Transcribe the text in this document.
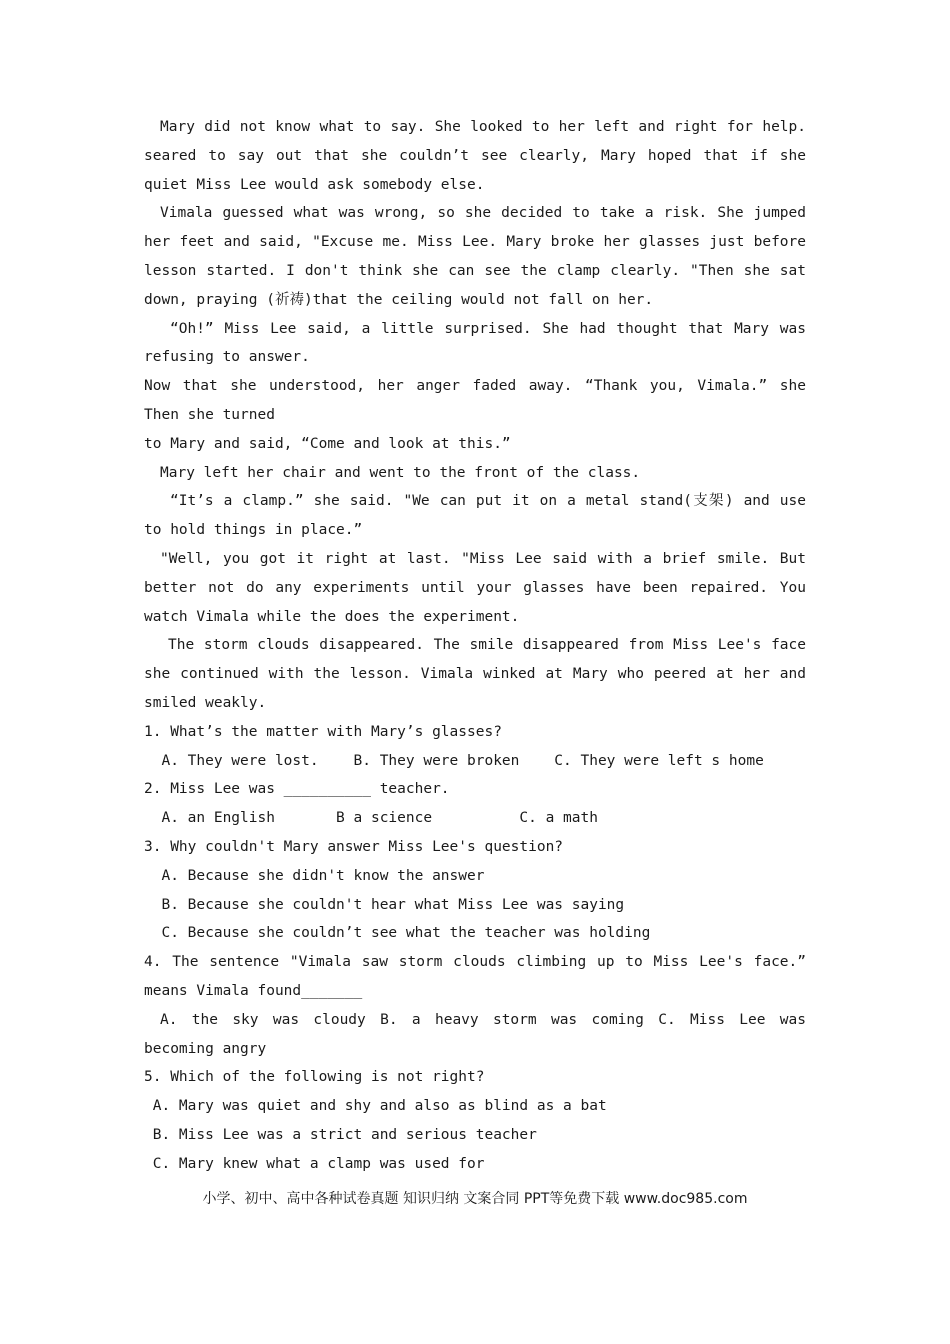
Mary did not know what to say. She looked to her left and right for help.
seared to say out that she couldn’t see clearly, Mary hoped that if she
quiet Miss Lee would ask somebody else.
Vimala guessed what was wrong, so she decided to take a risk. She jumped
her feet and said, "Excuse me. Miss Lee. Mary broke her glasses just before
lesson started. I don't think she can see the clamp clearly. "Then she sat
down, praying (祈祷)that the ceiling would not fall on her.
“Oh!” Miss Lee said, a little surprised. She had thought that Mary was
refusing to answer.
Now that she understood, her anger faded away. “Thank you, Vimala.” she
Then she turned
to Mary and said, “Come and look at this.”
Mary left her chair and went to the front of the class.
“It’s a clamp.” she said. "We can put it on a metal stand(支架) and use
to hold things in place.”
"Well, you got it right at last. "Miss Lee said with a brief smile. But
better not do any experiments until your glasses have been repaired. You
watch Vimala while the does the experiment.
The storm clouds disappeared. The smile disappeared from Miss Lee's face
she continued with the lesson. Vimala winked at Mary who peered at her and
smiled weakly.
1. What’s the matter with Mary’s glasses?
A. They were lost.    B. They were broken    C. They were left s home
2. Miss Lee was __________ teacher.
A. an English       B a science          C. a math
3. Why couldn't Mary answer Miss Lee's question?
A. Because she didn't know the answer
B. Because she couldn't hear what Miss Lee was saying
C. Because she couldn’t see what the teacher was holding
4. The sentence "Vimala saw storm clouds climbing up to Miss Lee's face.”
means Vimala found_______
A. the sky was cloudy B. a heavy storm was coming C. Miss Lee was
becoming angry
5. Which of the following is not right?
A. Mary was quiet and shy and also as blind as a bat
B. Miss Lee was a strict and serious teacher
C. Mary knew what a clamp was used for
小学、初中、高中各种试卷真题 知识归纳 文案合同 PPT等免费下载 www.doc985.com
